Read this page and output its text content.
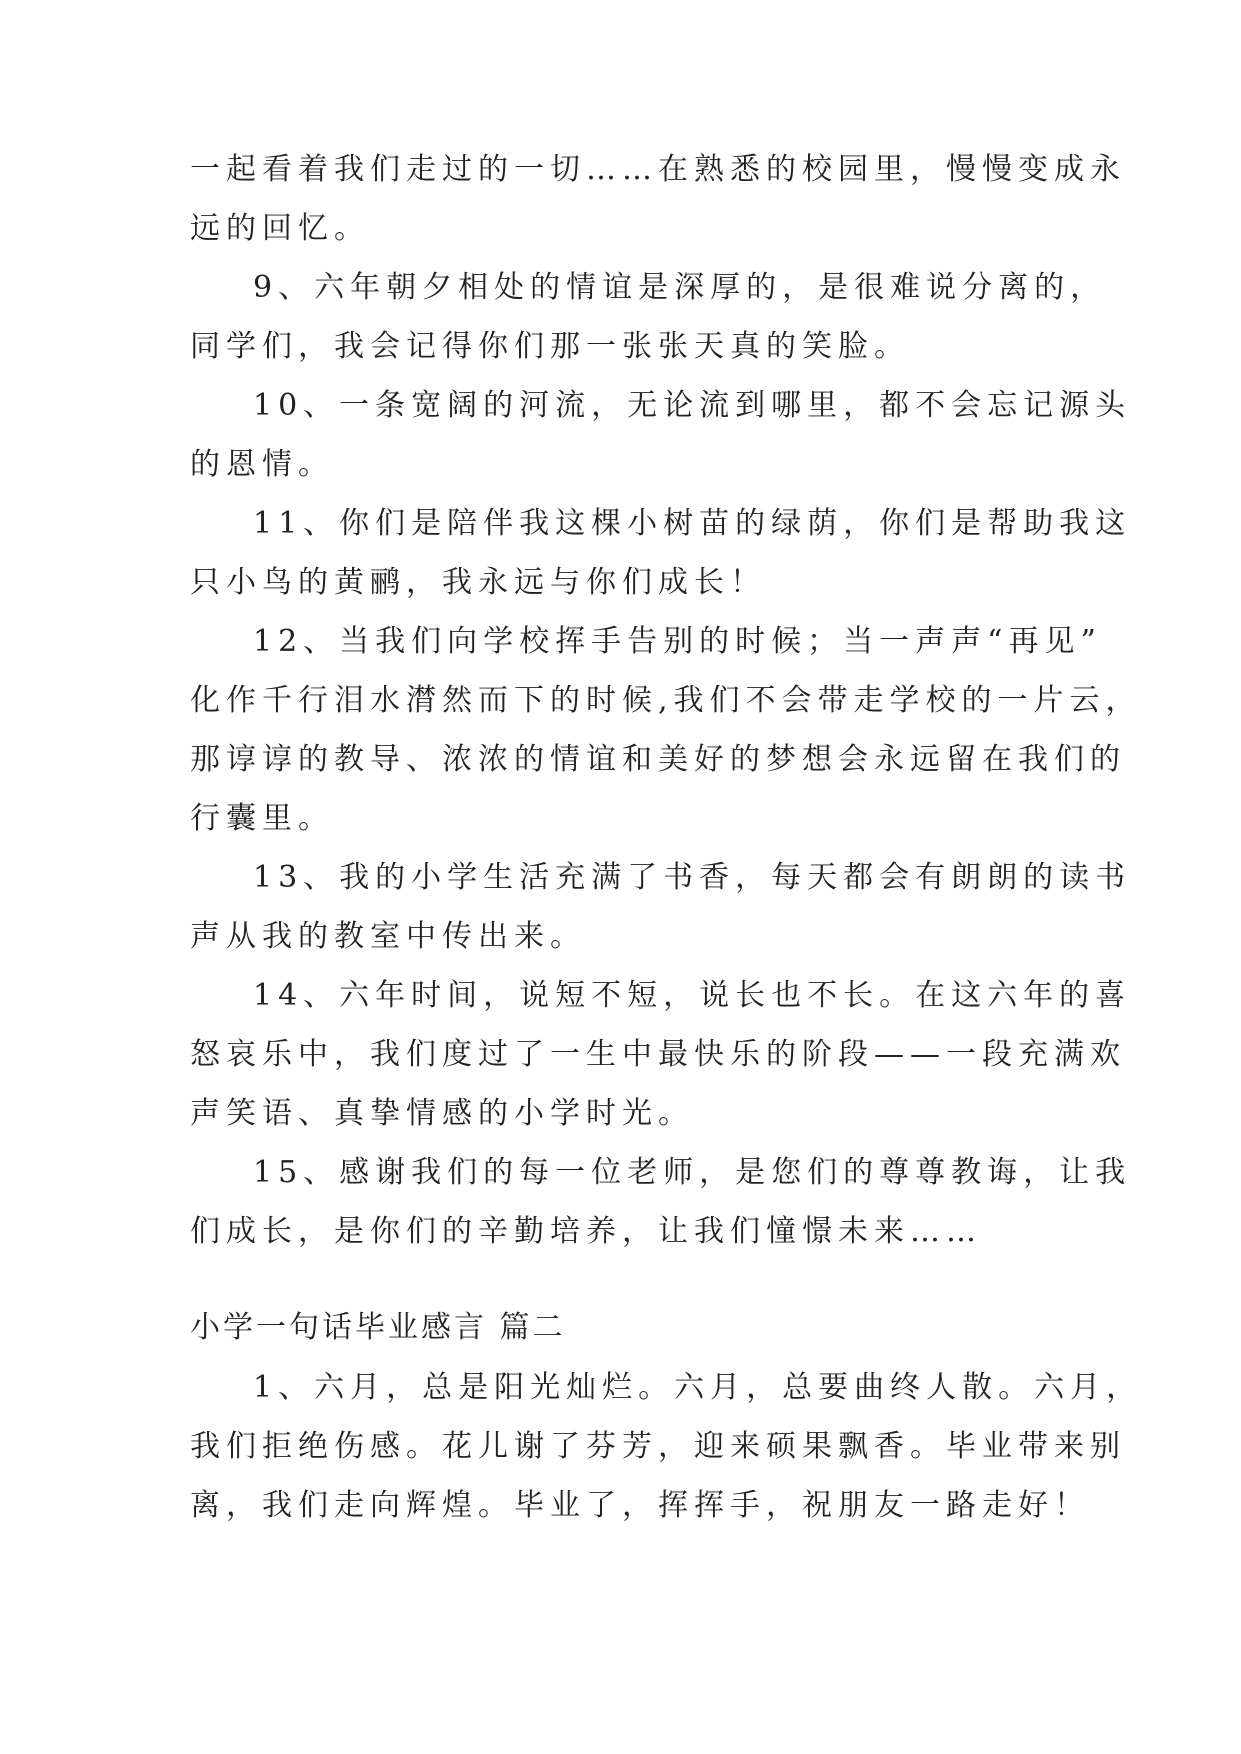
一起看着我们走过的一切……在熟悉的校园里，慢慢变成永
远的回忆。
9、六年朝夕相处的情谊是深厚的，是很难说分离的，
同学们，我会记得你们那一张张天真的笑脸。
10、一条宽阔的河流，无论流到哪里，都不会忘记源头
的恩情。
11、你们是陪伴我这棵小树苗的绿荫，你们是帮助我这
只小鸟的黄鹂，我永远与你们成长！
12、当我们向学校挥手告别的时候；当一声声“再见”
化作千行泪水潸然而下的时候,我们不会带走学校的一片云，
那谆谆的教导、浓浓的情谊和美好的梦想会永远留在我们的
行囊里。
13、我的小学生活充满了书香，每天都会有朗朗的读书
声从我的教室中传出来。
14、六年时间，说短不短，说长也不长。在这六年的喜
怒哀乐中，我们度过了一生中最快乐的阶段——一段充满欢
声笑语、真挚情感的小学时光。
15、感谢我们的每一位老师，是您们的尊尊教诲，让我
们成长，是你们的辛勤培养，让我们憧憬未来……
小学一句话毕业感言 篇二
1、六月，总是阳光灿烂。六月，总要曲终人散。六月，
我们拒绝伤感。花儿谢了芬芳，迎来硕果飘香。毕业带来别
离，我们走向辉煌。毕业了，挥挥手，祝朋友一路走好！
